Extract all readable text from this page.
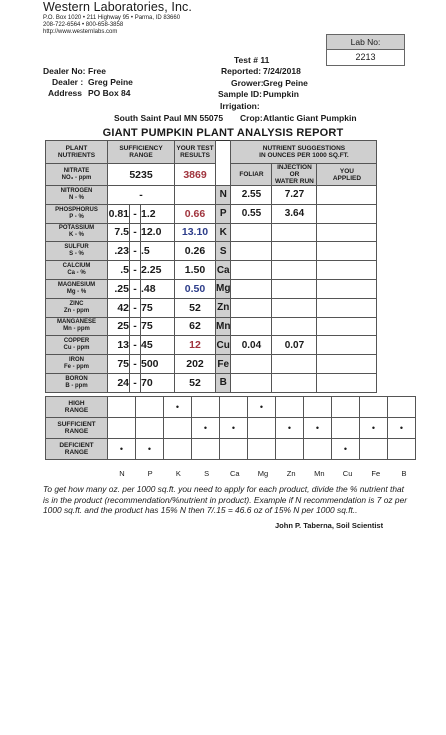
Western Laboratories, Inc.
P.O. Box 1020 • 211 Highway 95 • Parma, ID 83660
208-722-6564 • 800-658-3858
http://www.westernlabs.com
Lab No:
2213
Test # 11
Dealer No: Free
Dealer : Greg Peine
Address PO Box 84
South Saint Paul MN 55075
Reported: 7/24/2018
Grower: Greg Peine
Sample ID: Pumpkin
Irrigation:
Crop: Atlantic Giant Pumpkin
GIANT PUMPKIN PLANT ANALYSIS REPORT
PLANT
NUTRIENTS	SUFFICIENCY
RANGE			YOUR TEST
RESULTS		NUTRIENT SUGGESTIONS
IN OUNCES PER 1000 SQ.FT.		
NITRATE
NO₃ - ppm	5235			3869		FOLIAR	INJECTION OR
WATER RUN	YOU
APPLIED
NITROGEN
N - %	-				N	2.55	7.27	
PHOSPHORUS
P - %	0.81	-	1.2	0.66	P	0.55	3.64	
POTASSIUM
K - %	7.5	-	12.0	13.10	K			
SULFUR
S - %	.23	-	.5	0.26	S			
CALCIUM
Ca - %	.5	-	2.25	1.50	Ca			
MAGNESIUM
Mg - %	.25	-	.48	0.50	Mg			
ZINC
Zn - ppm	42	-	75	52	Zn			
MANGANESE
Mn - ppm	25	-	75	62	Mn			
COPPER
Cu - ppm	13	-	45	12	Cu	0.04	0.07	
IRON
Fe - ppm	75	-	500	202	Fe			
BORON
B - ppm	24	-	70	52	B			
HIGH
RANGE			•			•					
SUFFICIENT
RANGE				•	•		•	•		•	•
DEFICIENT
RANGE	•	•							•		
N	P	K	S	Ca	Mg	Zn	Mn	Cu	Fe	B
To get how many oz. per 1000 sq.ft. you need to apply for each product, divide the % nutrient that is in the product (recommendation/%nutrient in product). Example if N recommendation is 7 oz per 1000 sq.ft. and the product has 15% N then 7/.15 = 46.6 oz of 15% N per 1000 sq.ft..
John P. Taberna, Soil Scientist
